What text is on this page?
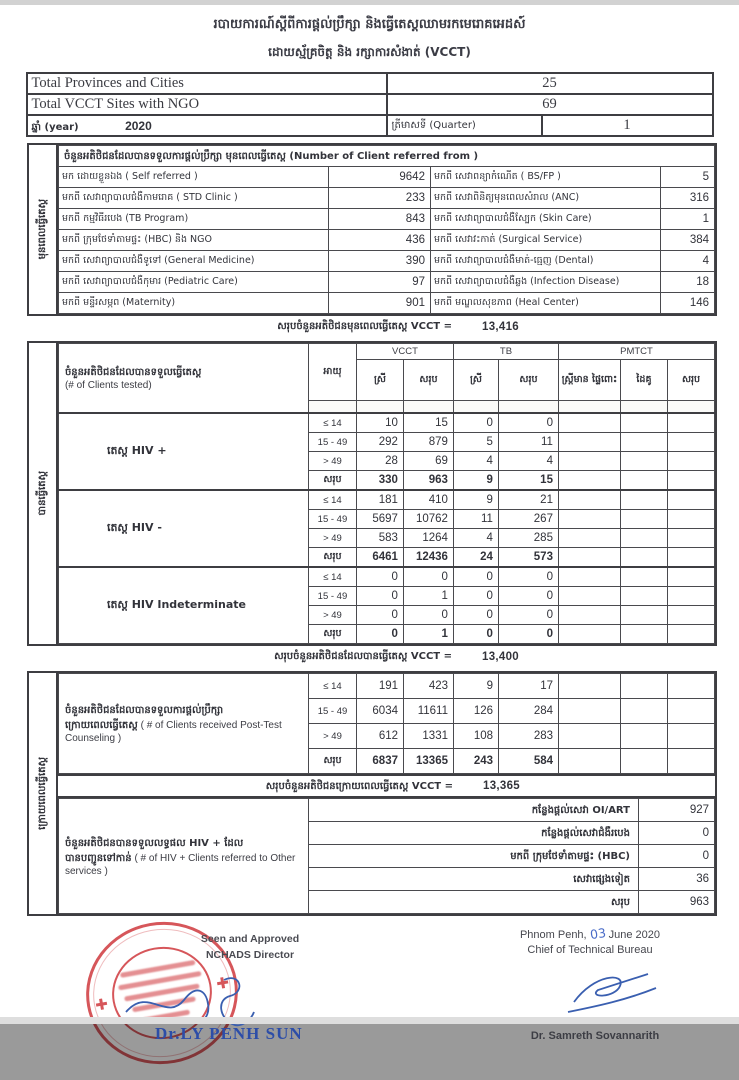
របាយការណ៍ស្តីពីការផ្តល់ប្រឹក្សា និងធ្វើតេស្តឈាមរកមេរោគអេដស៍
ដោយស្ម័គ្រចិត្ត និង រក្សាការសំងាត់ (VCCT)
Total Provinces and Cities	25	
Total VCCT Sites with NGO	69	
ឆ្នាំ (year) 2020	ត្រីមាសទី (Quarter)	1
មុនពេលធ្វើតេស្ត
ចំនួនអតិថិជនដែលបានទទួលការផ្តល់ប្រឹក្សា មុនពេលធ្វើតេស្ត (Number of Client referred from )			
មក ដោយខ្លួនឯង ( Self referred )	9642	មកពី សេវាពន្យាកំណើត ( BS/FP )	5
មកពី សេវាព្យាបាលជំងឺកាមរោគ ( STD Clinic )	233	មកពី សេវាពិនិត្យមុនពេលសំរាល (ANC)	316
មកពី កម្មវិធីរបេង (TB Program)	843	មកពី សេវាព្យាបាលជំងឺស្បែក (Skin Care)	1
មកពី ក្រុមថែទាំតាមផ្ទះ (HBC) និង NGO	436	មកពី សេវាវះកាត់ (Surgical Service)	384
មកពី សេវាព្យាបាលជំងឺទូទៅ (General Medicine)	390	មកពី សេវាព្យាបាលជំងឺមាត់-ធ្មេញ (Dental)	4
មកពី សេវាព្យាបាលជំងឺកុមារ (Pediatric Care)	97	មកពី សេវាព្យាបាលជំងឺឆ្លង (Infection Disease)	18
មកពី មន្ទីរសម្ភព (Maternity)	901	មកពី មណ្ឌលសុខភាព (Heal Center)	146
សរុបចំនួនអតិថិជនមុនពេលធ្វើតេស្ត VCCT =	13,416
បានធ្វើតេស្ត
ចំនួនអតិថិជនដែលបានទទួលធ្វើតេស្ត
(# of Clients tested)	អាយុ	VCCT		TB		PMTCT		
		ស្រី	សរុប	ស្រី	សរុប	ស្ត្រីមាន ផ្ទៃពោះ	ដៃគូ	សរុប

តេស្ត HIV +	≤ 14	10	15	0	0			
	15 - 49	292	879	5	11			
	> 49	28	69	4	4			
	សរុប	330	963	9	15			
តេស្ត HIV -	≤ 14	181	410	9	21			
	15 - 49	5697	10762	11	267			
	> 49	583	1264	4	285			
	សរុប	6461	12436	24	573			
តេស្ត HIV Indeterminate	≤ 14	0	0	0	0			
	15 - 49	0	1	0	0			
	> 49	0	0	0	0			
	សរុប	0	1	0	0			
សរុបចំនួនអតិថិជនដែលបានធ្វើតេស្ត VCCT =	13,400
ក្រោយពេលធ្វើតេស្ត
ចំនួនអតិថិជនដែលបានទទួលការផ្តល់ប្រឹក្សា
ក្រោយពេលធ្វើតេស្ត ( # of Clients received Post-Test Counseling )	≤ 14	191	423	9	17			
	15 - 49	6034	11611	126	284			
	> 49	612	1331	108	283			
	សរុប	6837	13365	243	584			
សរុបចំនួនអតិថិជនក្រោយពេលធ្វើតេស្ត VCCT =	13,365
ចំនួនអតិថិជនបានទទួលលទ្ធផល HIV + ដែល
បានបញ្ជូនទៅកាន់ ( # of HIV + Clients referred to Other services )	កន្លែងផ្តល់សេវា OI/ART	927
	កន្លែងផ្តល់សេវាជំងឺរបេង	0
	មកពី ក្រុមថែទាំតាមផ្ទះ (HBC)	0
	សេវាផ្សេងទៀត	36
	សរុប	963
Seen and Approved
NCHADS Director
Dr.LY PENH SUN
Phnom Penh, 03 June 2020
Chief of Technical Bureau
Dr. Samreth Sovannarith
